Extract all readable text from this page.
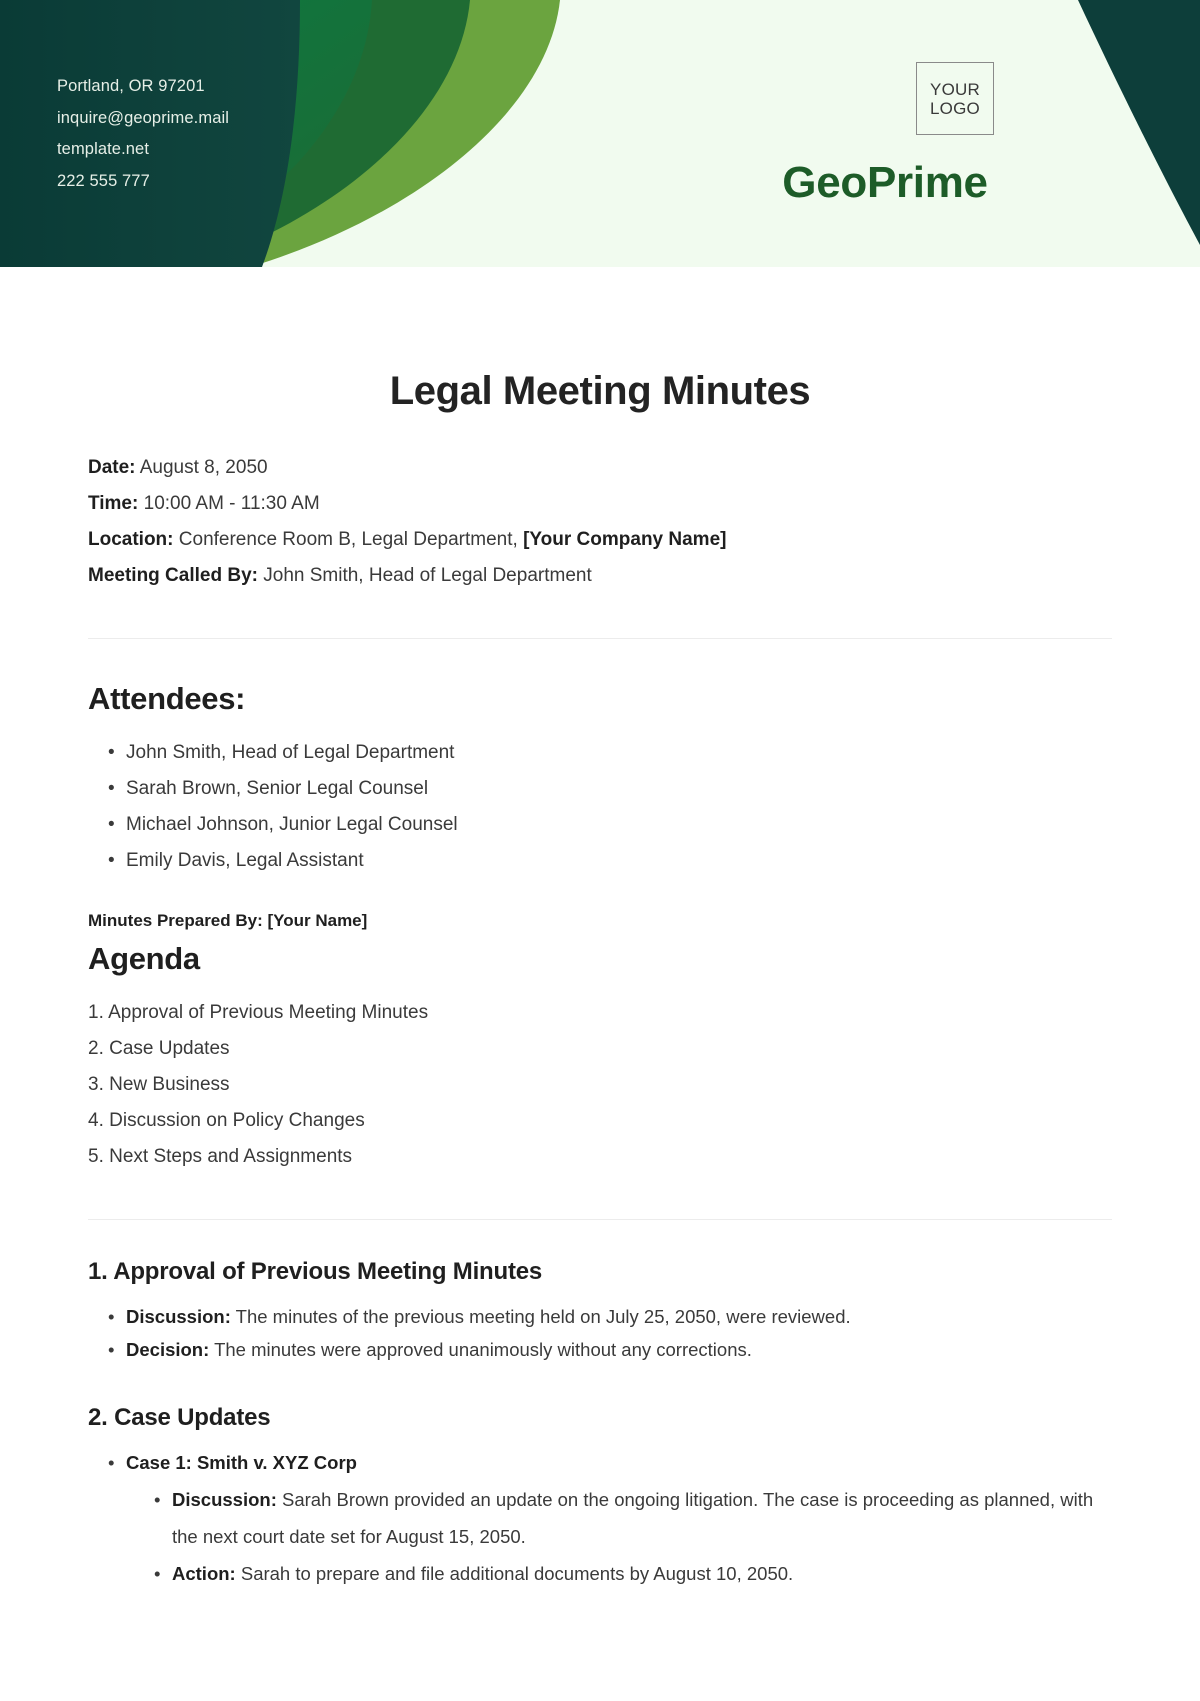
Portland, OR 97201
inquire@geoprime.mail
template.net
222 555 777
YOUR
LOGO
GeoPrime
Legal Meeting Minutes
Date: August 8, 2050
Time: 10:00 AM - 11:30 AM
Location: Conference Room B, Legal Department, [Your Company Name]
Meeting Called By: John Smith, Head of Legal Department
Attendees:
• John Smith, Head of Legal Department
• Sarah Brown, Senior Legal Counsel
• Michael Johnson, Junior Legal Counsel
• Emily Davis, Legal Assistant

Minutes Prepared By: [Your Name]

Agenda
1. Approval of Previous Meeting Minutes
2. Case Updates
3. New Business
4. Discussion on Policy Changes
5. Next Steps and Assignments
1. Approval of Previous Meeting Minutes
• Discussion: The minutes of the previous meeting held on July 25, 2050, were reviewed.
• Decision: The minutes were approved unanimously without any corrections.
2. Case Updates
• Case 1: Smith v. XYZ Corp
• Discussion: Sarah Brown provided an update on the ongoing litigation. The case is proceeding as planned, with the next court date set for August 15, 2050.
• Action: Sarah to prepare and file additional documents by August 10, 2050.
